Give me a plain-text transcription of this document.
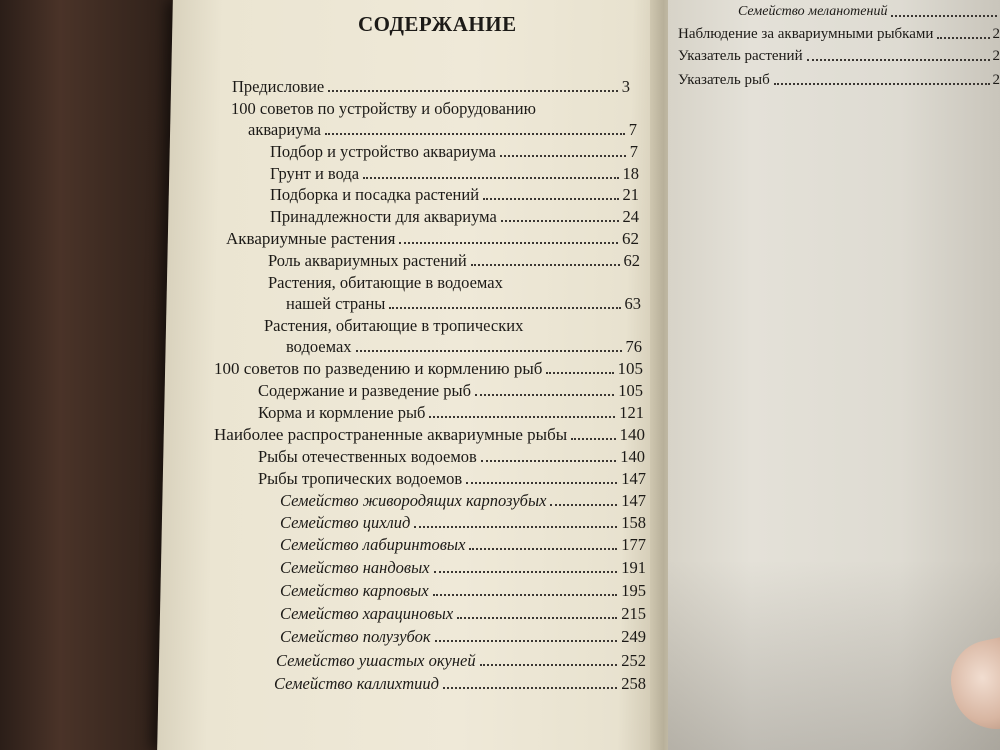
СОДЕРЖАНИЕ
Предисловие	3
100 советов по устройству и оборудованию
аквариума	7
Подбор и устройство аквариума	7
Грунт и вода	18
Подборка и посадка растений	21
Принадлежности для аквариума	24
Аквариумные растения	62
Роль аквариумных растений	62
Растения, обитающие в водоемах
нашей страны	63
Растения, обитающие в тропических
водоемах	76
100 советов по разведению и кормлению рыб	105
Содержание и разведение рыб	105
Корма и кормление рыб	121
Наиболее распространенные аквариумные рыбы	140
Рыбы отечественных водоемов	140
Рыбы тропических водоемов	147
Семейство живородящих карпозубых	147
Семейство цихлид	158
Семейство лабиринтовых	177
Семейство нандовых	191
Семейство карповых	195
Семейство харациновых	215
Семейство полузубок	249
Семейство ушастых окуней	252
Семейство каллихтиид	258
Семейство меланотений
Наблюдение за аквариумными рыбками	2
Указатель растений	2
Указатель рыб	2
